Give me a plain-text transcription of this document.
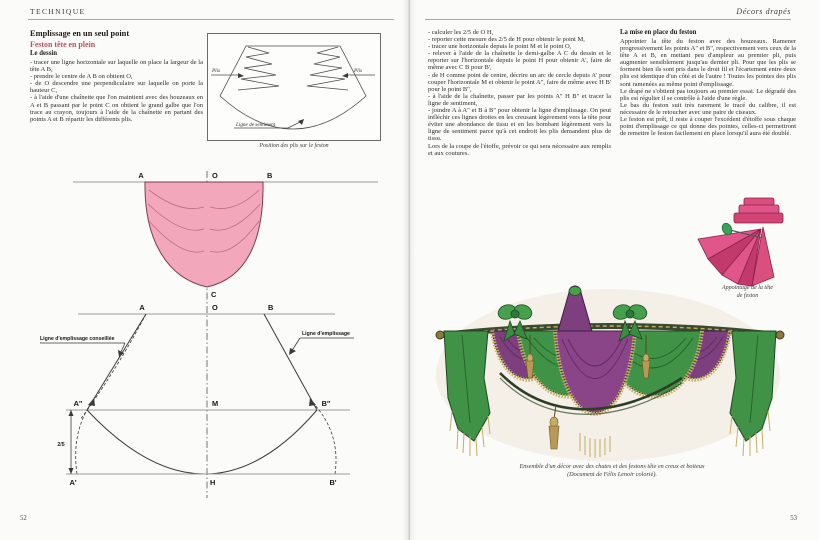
TECHNIQUE	Décors drapés
Emplissage en un seul point
Feston tête en plein
Le dessin

- tracer une ligne horizontale sur laquelle on place la largeur de la tête A B,

- prendre le centre de A B on obtient O,

- de O descendre une perpendiculaire sur laquelle on porte la hauteur C,

- à l'aide d'une chaînette que l'on maintient avec des houzeaux en A et B passant par le point C on obtient le grand galbe que l'on trace au crayon, toujours à l'aide de la chaînette en partant des points A et B répartir les différents plis.

Plis	Plis
Ligne de sentiment
Position des plis sur le feston
A	O	B
C
A	O	B
A"	M	B"
A'	H	B'
2/5
Ligne d'emplissage conseillée
Ligne d'emplissage

- calculer les 2/5 de O H,

- reporter cette mesure des 2/5 de H pour obtenir le point M,

- tracer une horizontale depuis le point M et le point O,

- relever à l'aide de la chaînette le demi-galbe A C du dessin et le reporter sur l'horizontale depuis le point H pour obtenir A', faire de même avec C B pour B',

- de H comme point de centre, décrire un arc de cercle depuis A' pour couper l'horizontale M et obtenir le point A", faire de même avec H B' pour le point B",

- à l'aide de la chaînette, passer par les points A" H B" et tracer la ligne de sentiment,

- joindre A à A" et B à B" pour obtenir la ligne d'emplissage. On peut infléchir ces lignes droites en les creusant légèrement vers la tête pour éviter une abondance de tissu et en les bombant légèrement vers la ligne de sentiment parce qu'à cet endroit les plis demandent plus de tissu.

Lors de la coupe de l'étoffe, prévoir ce qui sera nécessaire aux remplis et aux coutures.

La mise en place du feston

Appointer la tête du feston avec des houzeaux. Ramener progressivement les points A" et B", respectivement vers ceux de la tête A et B, en mettant peu d'ampleur au premier pli, puis augmenter sensiblement jusqu'au dernier pli. Pour que les plis se forment bien ils sont pris dans le droit fil et l'écartement entre deux plis est identique d'un côté et de l'autre ! Toutes les pointes des plis sont ramenées au même point d'emplissage.

Le drapé ne s'obtient pas toujours au premier essai. Le dégradé des plis est régulier il se contrôle à l'aide d'une règle.

Le bas du feston suit très rarement le tracé du calibre, il est nécessaire de le retoucher avec une paire de ciseaux.

Le feston est prêt, il reste à couper l'excédent d'étoffe sous chaque point d'emplissage ce qui donne des pointes, celles-ci permettront de remettre le feston facilement en place lorsqu'il aura été doublé.

Appointage de la tête
de feston
Ensemble d'un décor avec des chutes et des festons tête en creux et boiteux
(Document de Félix Lenoir colorié).
52	53
